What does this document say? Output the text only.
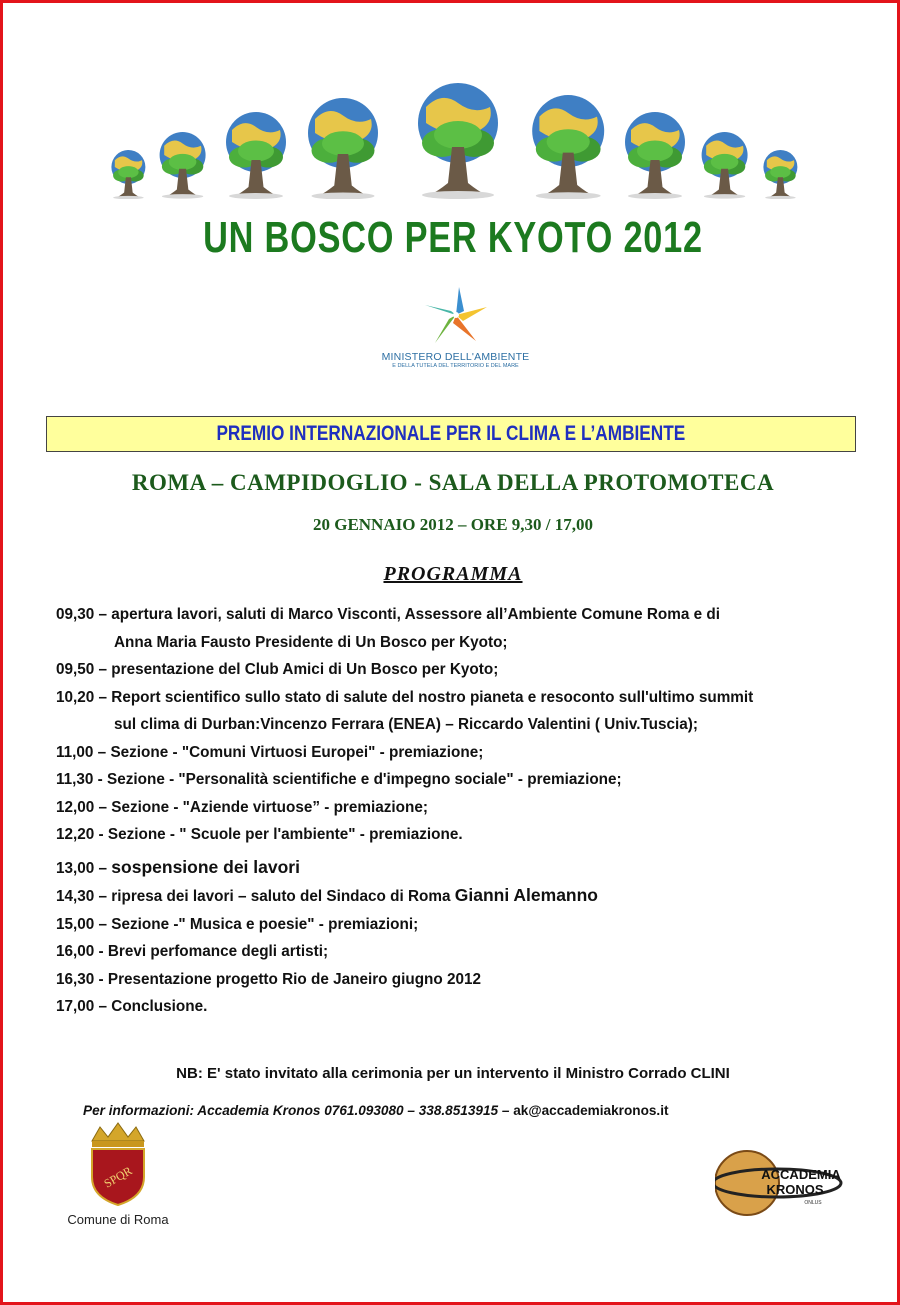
UN BOSCO PER KYOTO 2012
MINISTERO DELL'AMBIENTE
E DELLA TUTELA DEL TERRITORIO E DEL MARE
PREMIO INTERNAZIONALE PER IL CLIMA E L’AMBIENTE
ROMA – CAMPIDOGLIO - SALA DELLA PROTOMOTECA
20 GENNAIO 2012 – ORE 9,30 / 17,00
PROGRAMMA
09,30 – apertura lavori, saluti di Marco Visconti, Assessore all’Ambiente Comune Roma e di
Anna Maria Fausto Presidente di Un Bosco per Kyoto;
09,50 – presentazione del Club Amici di Un Bosco per Kyoto;
10,20 – Report scientifico sullo stato di salute del nostro pianeta e resoconto sull'ultimo summit
sul clima di Durban:Vincenzo Ferrara (ENEA) – Riccardo Valentini ( Univ.Tuscia);
11,00 – Sezione - "Comuni Virtuosi Europei" - premiazione;
11,30 - Sezione - "Personalità scientifiche e d'impegno sociale" - premiazione;
12,00 – Sezione - "Aziende virtuose” - premiazione;
12,20 - Sezione - " Scuole per l'ambiente" - premiazione.
13,00 – sospensione dei lavori
14,30 – ripresa dei lavori – saluto del Sindaco di Roma Gianni Alemanno
15,00 – Sezione -" Musica e poesie" - premiazioni;
16,00 - Brevi perfomance degli artisti;
16,30 - Presentazione progetto Rio de Janeiro giugno 2012
17,00 – Conclusione.
NB: E' stato invitato alla cerimonia per un intervento il Ministro Corrado CLINI
Per informazioni: Accademia Kronos 0761.093080 – 338.8513915 – ak@accademiakronos.it
SPQR
Comune di Roma
ACCADEMIA
KRONOS
ONLUS
